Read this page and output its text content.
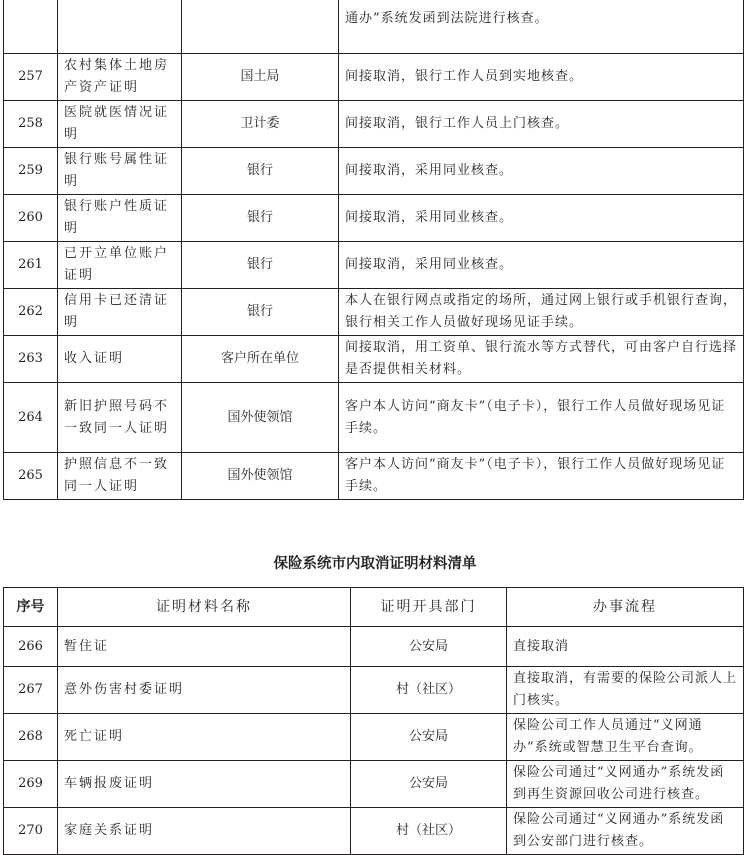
			通办”系统发函到法院进行核查。
257	农村集体土地房产资产证明	国土局	间接取消，银行工作人员到实地核查。
258	医院就医情况证明	卫计委	间接取消，银行工作人员上门核查。
259	银行账号属性证明	银行	间接取消，采用同业核查。
260	银行账户性质证明	银行	间接取消，采用同业核查。
261	已开立单位账户证明	银行	间接取消，采用同业核查。
262	信用卡已还清证明	银行	本人在银行网点或指定的场所，通过网上银行或手机银行查询，银行相关工作人员做好现场见证手续。
263	收入证明	客户所在单位	间接取消，用工资单、银行流水等方式替代，可由客户自行选择是否提供相关材料。
264	新旧护照号码不一致同一人证明	国外使领馆	客户本人访问“商友卡”（电子卡），银行工作人员做好现场见证手续。
265	护照信息不一致同一人证明	国外使领馆	客户本人访问“商友卡”（电子卡），银行工作人员做好现场见证手续。
保险系统市内取消证明材料清单
序号	证明材料名称	证明开具部门	办事流程
266	暂住证	公安局	直接取消
267	意外伤害村委证明	村（社区）	直接取消，有需要的保险公司派人上门核实。
268	死亡证明	公安局	保险公司工作人员通过“义网通办”系统或智慧卫生平台查询。
269	车辆报废证明	公安局	保险公司通过“义网通办”系统发函到再生资源回收公司进行核查。
270	家庭关系证明	村（社区）	保险公司通过“义网通办”系统发函到公安部门进行核查。
